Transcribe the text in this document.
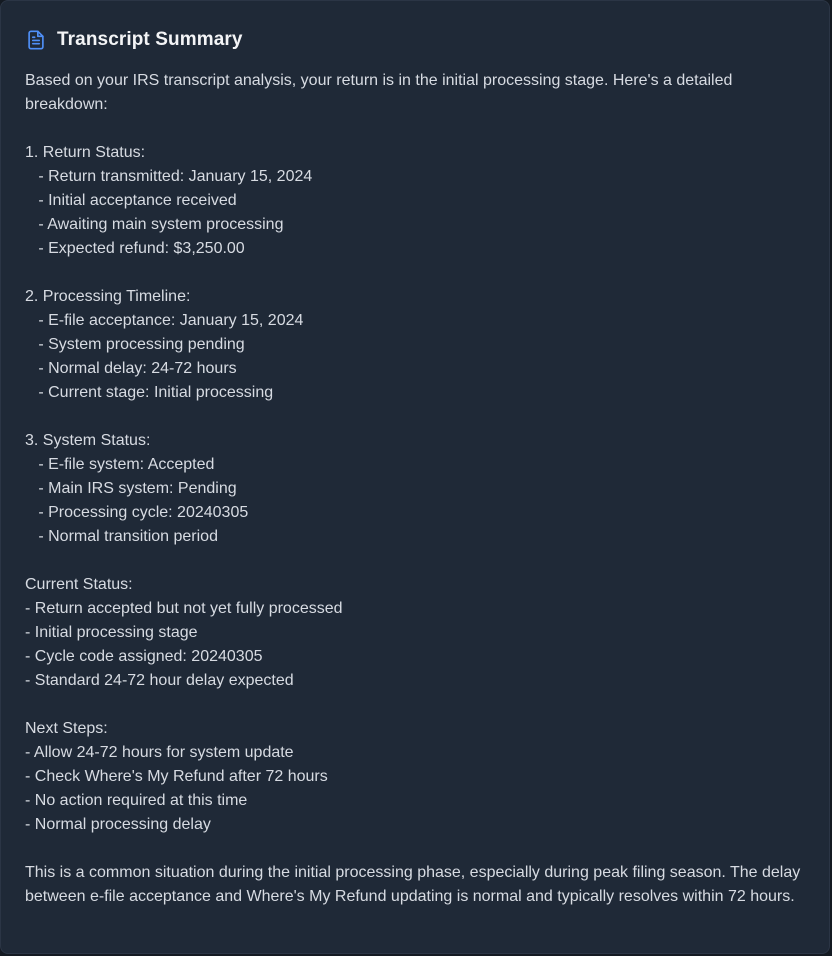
Transcript Summary
Based on your IRS transcript analysis, your return is in the initial processing stage. Here's a detailed breakdown:
1. Return Status:
- Return transmitted: January 15, 2024
- Initial acceptance received
- Awaiting main system processing
- Expected refund: $3,250.00
2. Processing Timeline:
- E-file acceptance: January 15, 2024
- System processing pending
- Normal delay: 24-72 hours
- Current stage: Initial processing
3. System Status:
- E-file system: Accepted
- Main IRS system: Pending
- Processing cycle: 20240305
- Normal transition period
Current Status:
- Return accepted but not yet fully processed
- Initial processing stage
- Cycle code assigned: 20240305
- Standard 24-72 hour delay expected
Next Steps:
- Allow 24-72 hours for system update
- Check Where's My Refund after 72 hours
- No action required at this time
- Normal processing delay
This is a common situation during the initial processing phase, especially during peak filing season. The delay between e-file acceptance and Where's My Refund updating is normal and typically resolves within 72 hours.
